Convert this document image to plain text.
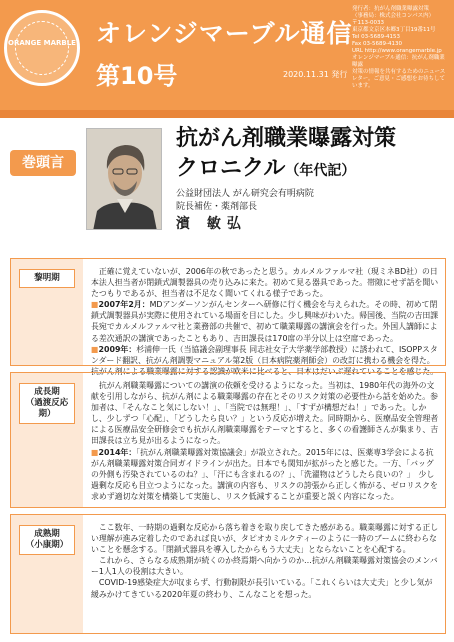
ORANGE MARBLE オレンジマーブル通信
第10号	2020.11.31 発行
発行者：抗がん剤職業曝露対策
（事務局：株式会社コンパス内）
〒113-0033
東京都文京区本郷3丁目19番11号
Tel 03-5689-4153
Fax 03-5689-4130
URL http://www.orangemarble.jp
オレンジマーブル通信：抗がん剤職業曝露
対策の情報を共有するためのニュース
レター。ご意見・ご感想をお待ちしています。
巻頭言
抗がん剤職業曝露対策
クロニクル（年代記）
公益財団法人 がん研究会有明病院
院長補佐・薬剤部長
濱 敏弘
黎明期

　正確に覚えていないが、2006年の秋であったと思う。カルメルファルマ社（現ミネBD社）の日本法人担当者が閉鎖式調製器具の売り込みに来た。初めて見る器具であった。帯隙にせず話を聞いたつもりであるが、担当者は不足なく聞いてくれる様子であった。

■2007年2月：MDアンダーソンがんセンターへ研修に行く機会を与えられた。その時、初めて閉鎖式調製器具が実際に使用されている場面を目にした。少し興味がわいた。帰国後、当院の吉田課長宛でカルメルファルマ社と業務部の共催で、初めて職業曝露の講演会を行った。外国人講師による差次通訳の講演であったこともあり、吉田課長は170席の半分以上は空席であった。

■2009年：杉浦伸一氏（当協議会副理事長 同志社女子大学薬学部教授）に誘われて、ISOPPスタンダード翻訳、抗がん剤調製マニュアル第2版（日本病院薬剤師会）の改訂に携わる機会を得た。抗がん剤による職業曝露に対する認識が欧米に比べると、日本はだいぶ遅れていることを感じた。

成長期
（過渡反応期）

　抗がん剤職業曝露についての講演の依頼を受けるようになった。当初は、1980年代の海外の文献を引用しながら、抗がん剤による職業曝露の存在とそのリスク対策の必要性から話を始めた。参加者は、「そんなこと気にしない！」、「当院では無理！」、「すずが構想だね！」であった。しかし、少しずつ「心配」、「どうしたら良い？」という反応が増えた。同時期から、医療品安全管理者による医療品安全研修会でも抗がん剤職業曝露をテーマとすると、多くの看護師さんが集まり、吉田課長は立ち見が出るようになった。

■2014年：「抗がん剤職業曝露対策協議会」が設立された。2015年には、医薬専3学会による抗がん剤職業曝露対策合同ガイドラインが出た。日本でも関知が拡がったと感じた。一方、「バッグの外側も汚染されているのね？」、「汗にも含まれるの？」、「洗濯物はどうしたら良いの？」　少し過剰な反応も目立つようになった。講演の内容も、リスクの誇張から正しく怖がる、ゼロリスクを求めず適切な対策を構築して実施し、リスク低減することが重要と説く内容になった。

成熟期
（小康期）

　ここ数年、一時期の過剰な反応から落ち着きを取り戻してきた感がある。職業曝露に対する正しい理解が進み定着したのであれば良いが、タピオカミルクティーのように一時のブームに終わらないことを懸念する。「閉鎖式器具を導入したからもう大丈夫」とならないことを心配する。

　これから、さらなる成熟期が続くのか終焉期へ向かうのか…抗がん剤職業曝露対策協会のメンバー1人1人の役割は大きい。

　COVID-19感染症大が収まらず、行動制限が長引いている。「これくらいは大丈夫」と少し気が緩みかけてきている2020年夏の終わり、こんなことを想った。
